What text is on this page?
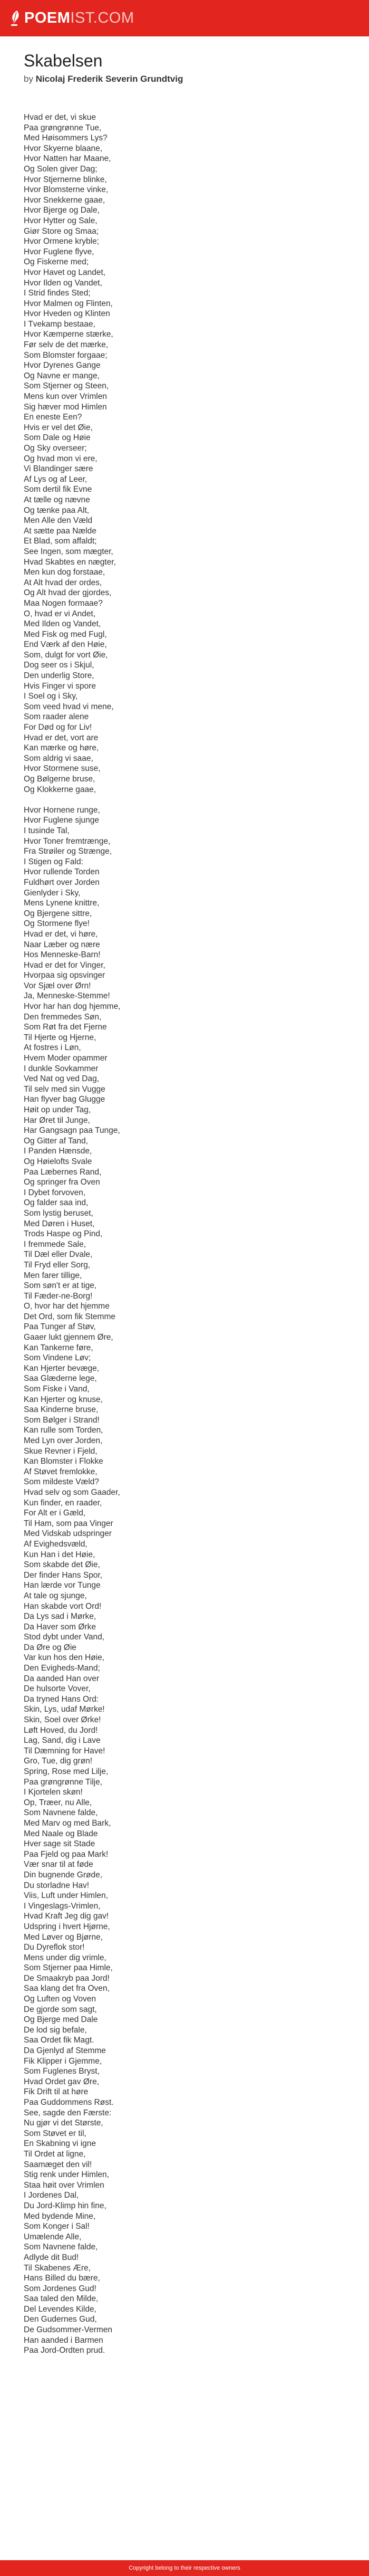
POEMIST.COM
Skabelsen
by Nicolaj Frederik Severin Grundtvig
Hvad er det, vi skue
Paa grøngrønne Tue,
Med Høisommers Lys?
Hvor Skyerne blaane,
Hvor Natten har Maane,
Og Solen giver Dag;
Hvor Stjernerne blinke,
Hvor Blomsterne vinke,
Hvor Snekkerne gaae,
Hvor Bjerge og Dale,
Hvor Hytter og Sale,
Giør Store og Smaa;
Hvor Ormene kryble;
Hvor Fuglene flyve,
Og Fiskerne med;
Hvor Havet og Landet,
Hvor Ilden og Vandet,
I Strid findes Sted;
Hvor Malmen og Flinten,
Hvor Hveden og Klinten
I Tvekamp bestaae,
Hvor Kæmperne stærke,
Før selv de det mærke,
Som Blomster forgaae;
Hvor Dyrenes Gange
Og Navne er mange,
Som Stjerner og Steen,
Mens kun over Vrimlen
Sig hæver mod Himlen
En eneste Een?
Hvis er vel det Øie,
Som Dale og Høie
Og Sky overseer;
Og hvad mon vi ere,
Vi Blandinger sære
Af Lys og af Leer,
Som dertil fik Evne
At tælle og nævne
Og tænke paa Alt,
Men Alle den Væld
At sætte paa Nælde
Et Blad, som affaldt;
See Ingen, som mægter,
Hvad Skabtes en nægter,
Men kun dog forstaae,
At Alt hvad der ordes,
Og Alt hvad der gjordes,
Maa Nogen formaae?
O, hvad er vi Andet,
Med Ilden og Vandet,
Med Fisk og med Fugl,
End Værk af den Høie,
Som, dulgt for vort Øie,
Dog seer os i Skjul,
Den underlig Store,
Hvis Finger vi spore
I Soel og i Sky,
Som veed hvad vi mene,
Som raader alene
For Død og for Liv!
Hvad er det, vort are
Kan mærke og høre,
Som aldrig vi saae,
Hvor Stormene suse,
Og Bølgerne bruse,
Og Klokkerne gaae,
Hvor Hornene runge,
Hvor Fuglene sjunge
I tusinde Tal,
Hvor Toner fremtrænge,
Fra Strøiler og Strænge,
I Stigen og Fald:
Hvor rullende Torden
Fuldhørt over Jorden
Gienlyder i Sky,
Mens Lynene knittre,
Og Bjergene sittre,
Og Stormene flye!
Hvad er det, vi høre,
Naar Læber og nære
Hos Menneske-Barn!
Hvad er det for Vinger,
Hvorpaa sig opsvinger
Vor Sjæl over Ørn!
Ja, Menneske-Stemme!
Hvor har han dog hjemme,
Den fremmedes Søn,
Som Røt fra det Fjerne
Til Hjerte og Hjerne,
At fostres i Løn,
Hvem Moder opammer
I dunkle Sovkammer
Ved Nat og ved Dag,
Til selv med sin Vugge
Han flyver bag Glugge
Høit op under Tag,
Har Øret til Junge,
Har Gangsagn paa Tunge,
Og Gitter af Tand,
I Panden Hænsde,
Og Høielofts Svale
Paa Læbernes Rand,
Og springer fra Oven
I Dybet forvoven,
Og falder saa ind,
Som lystig beruset,
Med Døren i Huset,
Trods Haspe og Pind,
I fremmede Sale,
Til Dæl eller Dvale,
Til Fryd eller Sorg,
Men farer tillige,
Som søn't er at tige,
Til Fæder-ne-Borg!
O, hvor har det hjemme
Det Ord, som fik Stemme
Paa Tunger af Støv,
Gaaer lukt gjennem Øre,
Kan Tankerne føre,
Som Vindene Løv;
Kan Hjerter bevæge,
Saa Glæderne lege,
Som Fiske i Vand,
Kan Hjerter og knuse,
Saa Kinderne bruse,
Som Bølger i Strand!
Kan rulle som Torden,
Med Lyn over Jorden,
Skue Revner i Fjeld,
Kan Blomster i Flokke
Af Støvet fremlokke,
Som mildeste Væld?
Hvad selv og som Gaader,
Kun finder, en raader,
For Alt er i Gæld,
Til Ham, som paa Vinger
Med Vidskab udspringer
Af Evighedsvæld,
Kun Han i det Høie,
Som skabde det Øie,
Der finder Hans Spor,
Han lærde vor Tunge
At tale og sjunge,
Han skabde vort Ord!
Da Lys sad i Mørke,
Da Haver som Ørke
Stod dybt under Vand,
Da Øre og Øie
Var kun hos den Høie,
Den Evigheds-Mand;
Da aanded Han over
De hulsorte Vover,
Da tryned Hans Ord:
Skin, Lys, udaf Mørke!
Skin, Soel over Ørke!
Løft Hoved, du Jord!
Lag, Sand, dig i Lave
Til Dæmning for Have!
Gro, Tue, dig grøn!
Spring, Rose med Lilje,
Paa grøngrønne Tilje,
I Kjortelen skøn!
Op, Træer, nu Alle,
Som Navnene falde,
Med Marv og med Bark,
Med Naale og Blade
Hver sage sit Stade
Paa Fjeld og paa Mark!
Vær snar til at føde
Din bugnende Grøde,
Du storladne Hav!
Viis, Luft under Himlen,
I Vingeslags-Vrimlen,
Hvad Kraft Jeg dig gav!
Udspring i hvert Hjørne,
Med Løver og Bjørne,
Du Dyreflok stor!
Mens under dig vrimle,
Som Stjerner paa Himle,
De Smaakryb paa Jord!
Saa klang det fra Oven,
Og Luften og Voven
De gjorde som sagt,
Og Bjerge med Dale
De lod sig befale,
Saa Ordet fik Magt.
Da Gjenlyd af Stemme
Fik Klipper i Gjemme,
Som Fuglenes Bryst,
Hvad Ordet gav Øre,
Fik Drift til at høre
Paa Guddommens Røst.
See, sagde den Færste:
Nu gjør vi det Største,
Som Støvet er til,
En Skabning vi igne
Til Ordet at ligne,
Saamæget den vil!
Stig renk under Himlen,
Staa høit over Vrimlen
I Jordenes Dal,
Du Jord-Klimp hin fine,
Med bydende Mine,
Som Konger i Sal!
Umælende Alle,
Som Navnene falde,
Adlyde dit Bud!
Til Skabenes Ære,
Hans Billed du bære,
Som Jordenes Gud!
Saa taled den Milde,
Del Levendes Kilde,
Den Gudernes Gud,
De Gudsommer-Vermen
Han aanded i Barmen
Paa Jord-Ordten prud.
Copyright belong to their respective owners
